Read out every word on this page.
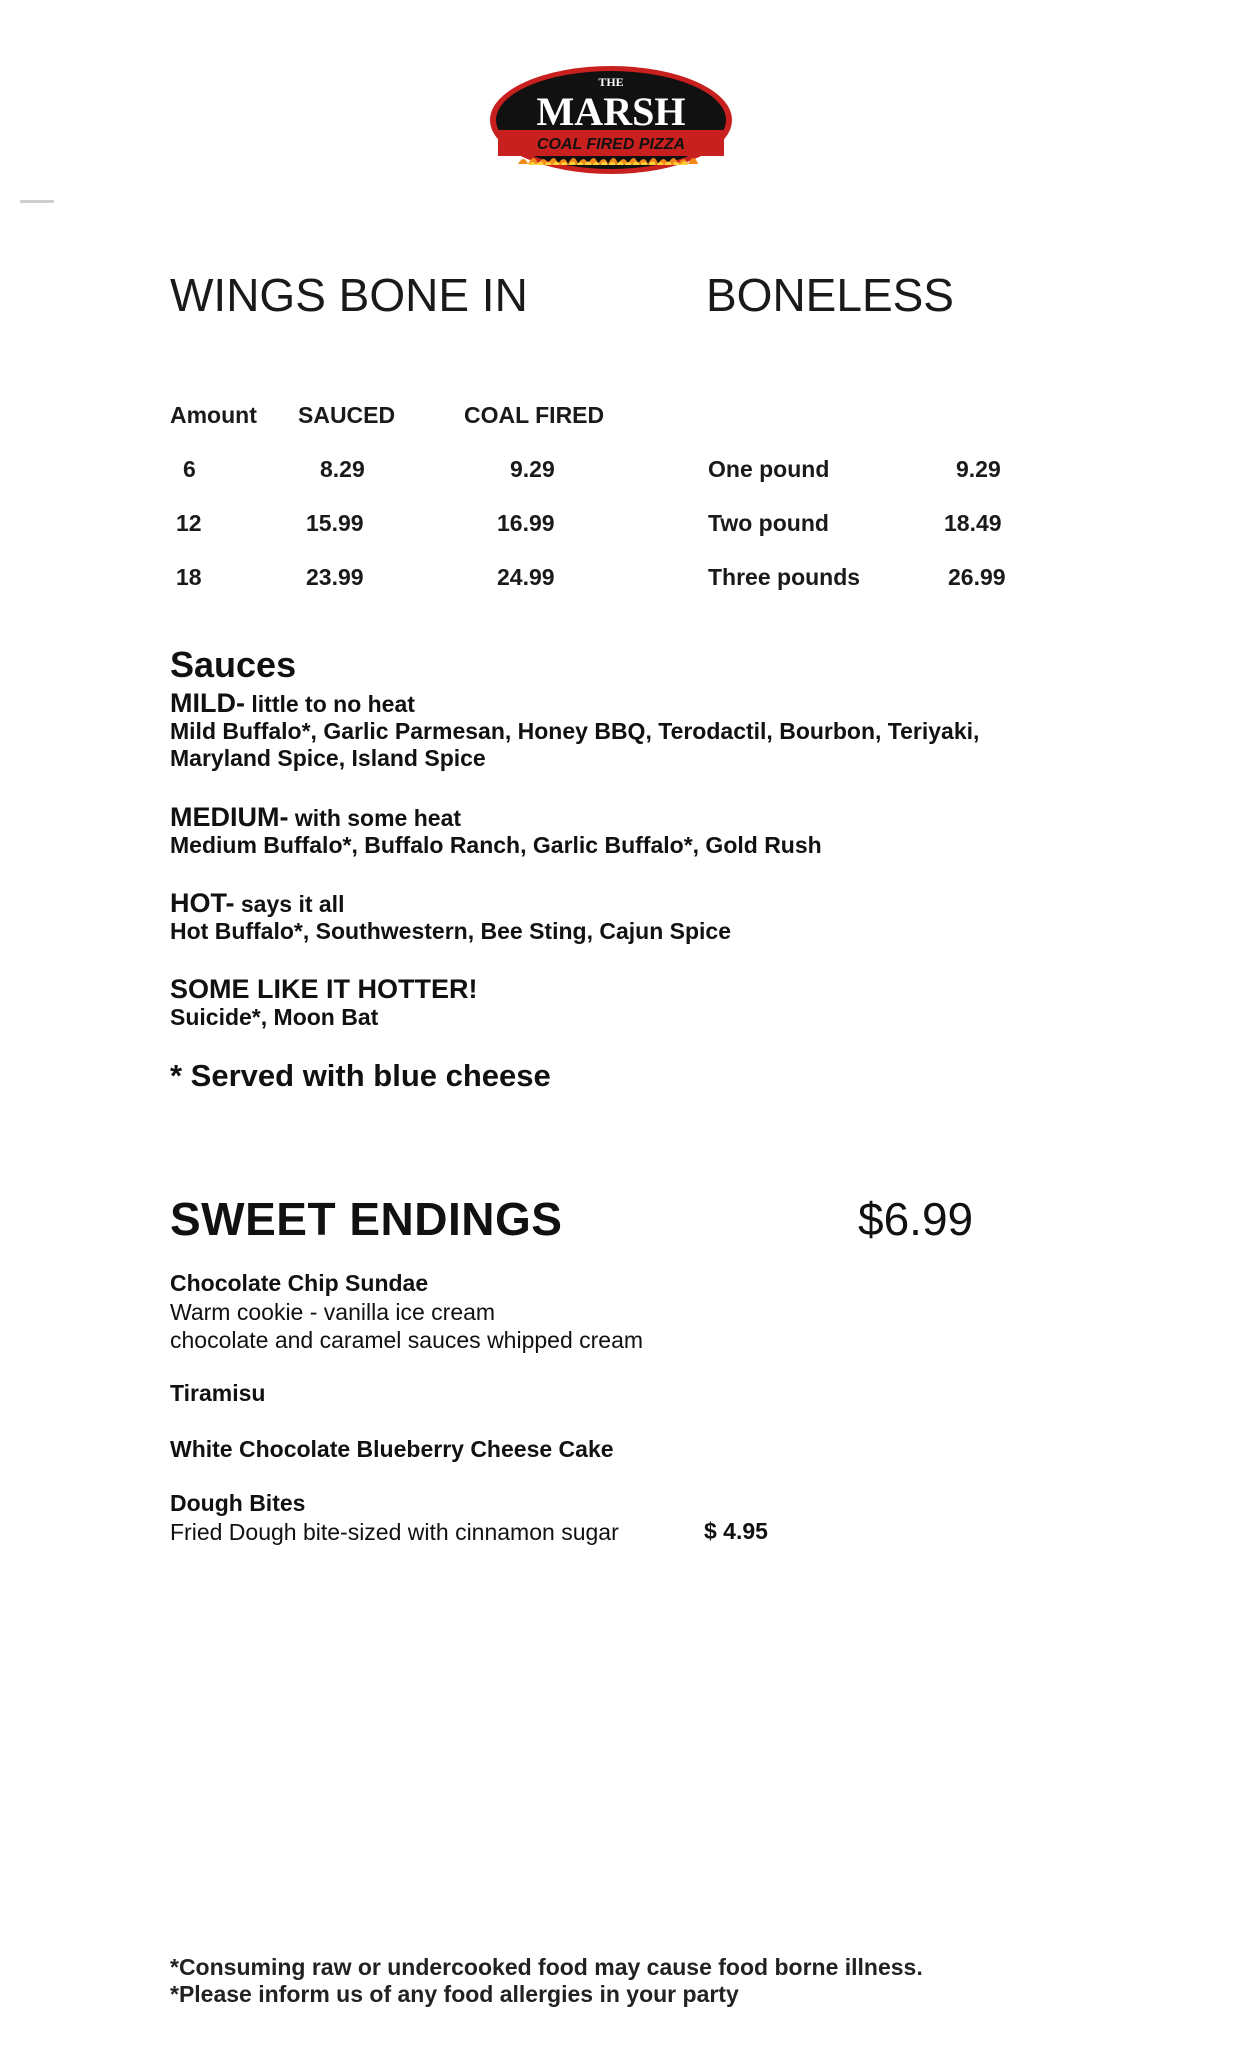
THE
MARSH
COAL FIRED PIZZA
WINGS BONE IN	BONELESS
Amount SAUCED	COAL FIRED
6	8.29	9.29
12	15.99	16.99
18	23.99	24.99
One pound	9.29
Two pound	18.49
Three pounds	26.99
Sauces
MILD- little to no heat
Mild Buffalo*, Garlic Parmesan, Honey BBQ, Terodactil, Bourbon, Teriyaki, Maryland Spice, Island Spice
MEDIUM- with some heat
Medium Buffalo*, Buffalo Ranch, Garlic Buffalo*, Gold Rush
HOT- says it all
Hot Buffalo*, Southwestern, Bee Sting, Cajun Spice
SOME LIKE IT HOTTER!
Suicide*, Moon Bat
* Served with blue cheese
SWEET ENDINGS	$6.99
Chocolate Chip Sundae
Warm cookie - vanilla ice cream
chocolate and caramel sauces whipped cream
Tiramisu
White Chocolate Blueberry Cheese Cake
Dough Bites
Fried Dough bite-sized with cinnamon sugar	$ 4.95
*Consuming raw or undercooked food may cause food borne illness.
*Please inform us of any food allergies in your party
